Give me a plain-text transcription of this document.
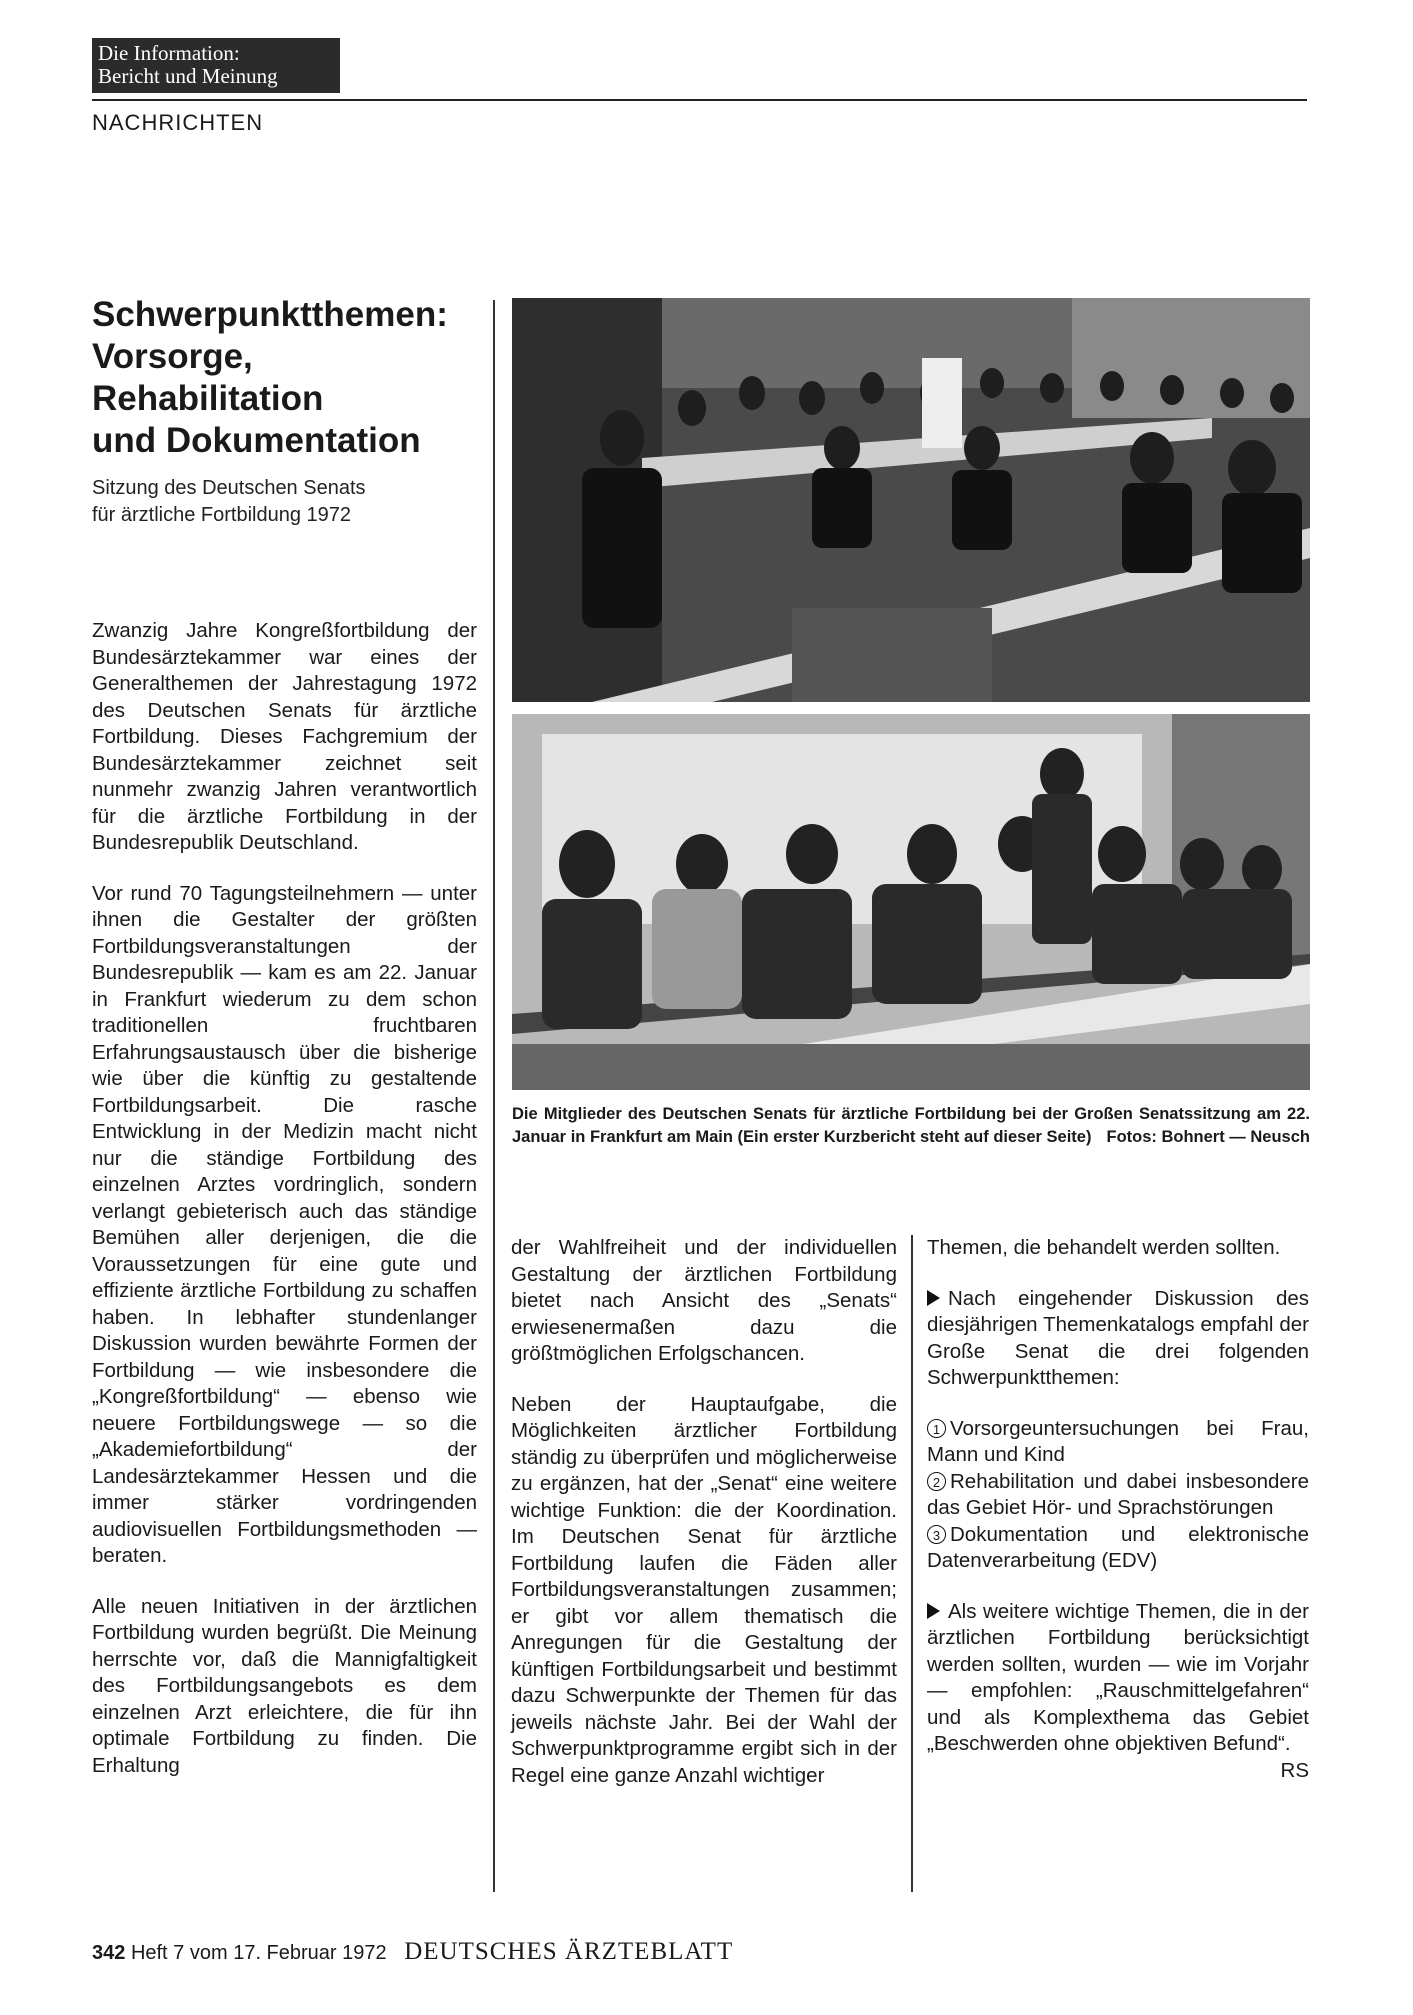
Die Information:
Bericht und Meinung
NACHRICHTEN
Schwerpunktthemen:
Vorsorge, Rehabilitation
und Dokumentation
Sitzung des Deutschen Senats
für ärztliche Fortbildung 1972

Zwanzig Jahre Kongreßfortbildung der Bundesärztekammer war eines der Generalthemen der Jahrestagung 1972 des Deutschen Senats für ärztliche Fortbildung. Dieses Fachgremium der Bundesärztekammer zeichnet seit nunmehr zwanzig Jahren verantwortlich für die ärztliche Fortbildung in der Bundesrepublik Deutschland.

Vor rund 70 Tagungsteilnehmern — unter ihnen die Gestalter der größten Fortbildungsveranstaltungen der Bundesrepublik — kam es am 22. Januar in Frankfurt wiederum zu dem schon traditionellen fruchtbaren Erfahrungsaustausch über die bisherige wie über die künftig zu gestaltende Fortbildungsarbeit. Die rasche Entwicklung in der Medizin macht nicht nur die ständige Fortbildung des einzelnen Arztes vordringlich, sondern verlangt gebieterisch auch das ständige Bemühen aller derjenigen, die die Voraussetzungen für eine gute und effiziente ärztliche Fortbildung zu schaffen haben. In lebhafter stundenlanger Diskussion wurden bewährte Formen der Fortbildung — wie insbesondere die „Kongreßfortbildung“ — ebenso wie neuere Fortbildungswege — so die „Akademiefortbildung“ der Landesärztekammer Hessen und die immer stärker vordringenden audiovisuellen Fortbildungsmethoden — beraten.

Alle neuen Initiativen in der ärztlichen Fortbildung wurden begrüßt. Die Meinung herrschte vor, daß die Mannigfaltigkeit des Fortbildungsangebots es dem einzelnen Arzt erleichtere, die für ihn optimale Fortbildung zu finden. Die Erhaltung

Die Mitglieder des Deutschen Senats für ärztliche Fortbildung bei der Großen Senatssitzung am 22. Januar in Frankfurt am Main (Ein erster Kurzbericht steht auf dieser Seite) Fotos: Bohnert — Neusch

der Wahlfreiheit und der individuellen Gestaltung der ärztlichen Fortbildung bietet nach Ansicht des „Senats“ erwiesenermaßen dazu die größtmöglichen Erfolgschancen.

Neben der Hauptaufgabe, die Möglichkeiten ärztlicher Fortbildung ständig zu überprüfen und möglicherweise zu ergänzen, hat der „Senat“ eine weitere wichtige Funktion: die der Koordination. Im Deutschen Senat für ärztliche Fortbildung laufen die Fäden aller Fortbildungsveranstaltungen zusammen; er gibt vor allem thematisch die Anregungen für die Gestaltung der künftigen Fortbildungsarbeit und bestimmt dazu Schwerpunkte der Themen für das jeweils nächste Jahr. Bei der Wahl der Schwerpunktprogramme ergibt sich in der Regel eine ganze Anzahl wichtiger

Themen, die behandelt werden sollten.

Nach eingehender Diskussion des diesjährigen Themenkatalogs empfahl der Große Senat die drei folgenden Schwerpunktthemen:

1 Vorsorgeuntersuchungen bei Frau, Mann und Kind
2 Rehabilitation und dabei insbesondere das Gebiet Hör- und Sprachstörungen
3 Dokumentation und elektronische Datenverarbeitung (EDV)

Als weitere wichtige Themen, die in der ärztlichen Fortbildung berücksichtigt werden sollten, wurden — wie im Vorjahr — empfohlen: „Rauschmittelgefahren“ und als Komplexthema das Gebiet „Beschwerden ohne objektiven Befund“.
RS

342 Heft 7 vom 17. Februar 1972 DEUTSCHES ÄRZTEBLATT
